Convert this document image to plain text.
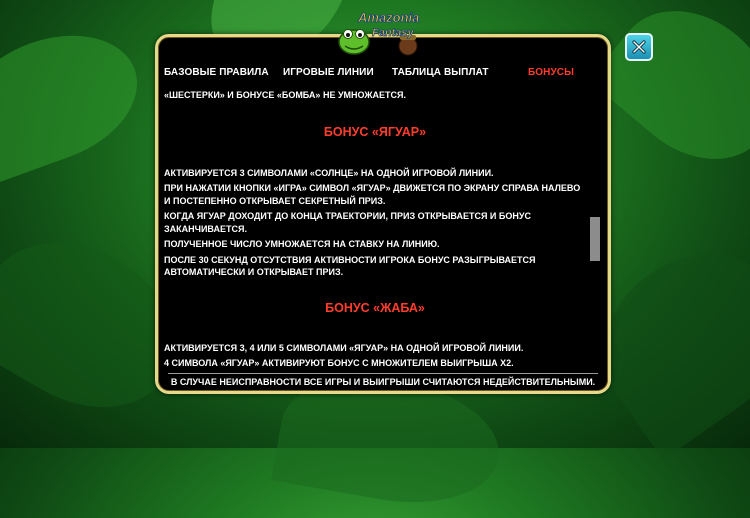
БАЗОВЫЕ ПРАВИЛА ИГРОВЫЕ ЛИНИИ ТАБЛИЦА ВЫПЛАТ	БОНУСЫ

«ШЕСТЕРКИ» И БОНУСЕ «БОМБА» НЕ УМНОЖАЕТСЯ.

БОНУС «ЯГУАР»

АКТИВИРУЕТСЯ 3 СИМВОЛАМИ «СОЛНЦЕ» НА ОДНОЙ ИГРОВОЙ ЛИНИИ.

ПРИ НАЖАТИИ КНОПКИ «ИГРА» СИМВОЛ «ЯГУАР» ДВИЖЕТСЯ ПО ЭКРАНУ СПРАВА НАЛЕВО И ПОСТЕПЕННО ОТКРЫВАЕТ СЕКРЕТНЫЙ ПРИЗ.

КОГДА ЯГУАР ДОХОДИТ ДО КОНЦА ТРАЕКТОРИИ, ПРИЗ ОТКРЫВАЕТСЯ И БОНУС ЗАКАНЧИВАЕТСЯ.

ПОЛУЧЕННОЕ ЧИСЛО УМНОЖАЕТСЯ НА СТАВКУ НА ЛИНИЮ.

ПОСЛЕ 30 СЕКУНД ОТСУТСТВИЯ АКТИВНОСТИ ИГРОКА БОНУС РАЗЫГРЫВАЕТСЯ АВТОМАТИЧЕСКИ И ОТКРЫВАЕТ ПРИЗ.

БОНУС «ЖАБА»

АКТИВИРУЕТСЯ 3, 4 ИЛИ 5 СИМВОЛАМИ «ЯГУАР» НА ОДНОЙ ИГРОВОЙ ЛИНИИ.

4 СИМВОЛА «ЯГУАР» АКТИВИРУЮТ БОНУС С МНОЖИТЕЛЕМ ВЫИГРЫША X2.

В СЛУЧАЕ НЕИСПРАВНОСТИ ВСЕ ИГРЫ И ВЫИГРЫШИ СЧИТАЮТСЯ НЕДЕЙСТВИТЕЛЬНЫМИ.
Amazonia
Fantasy
